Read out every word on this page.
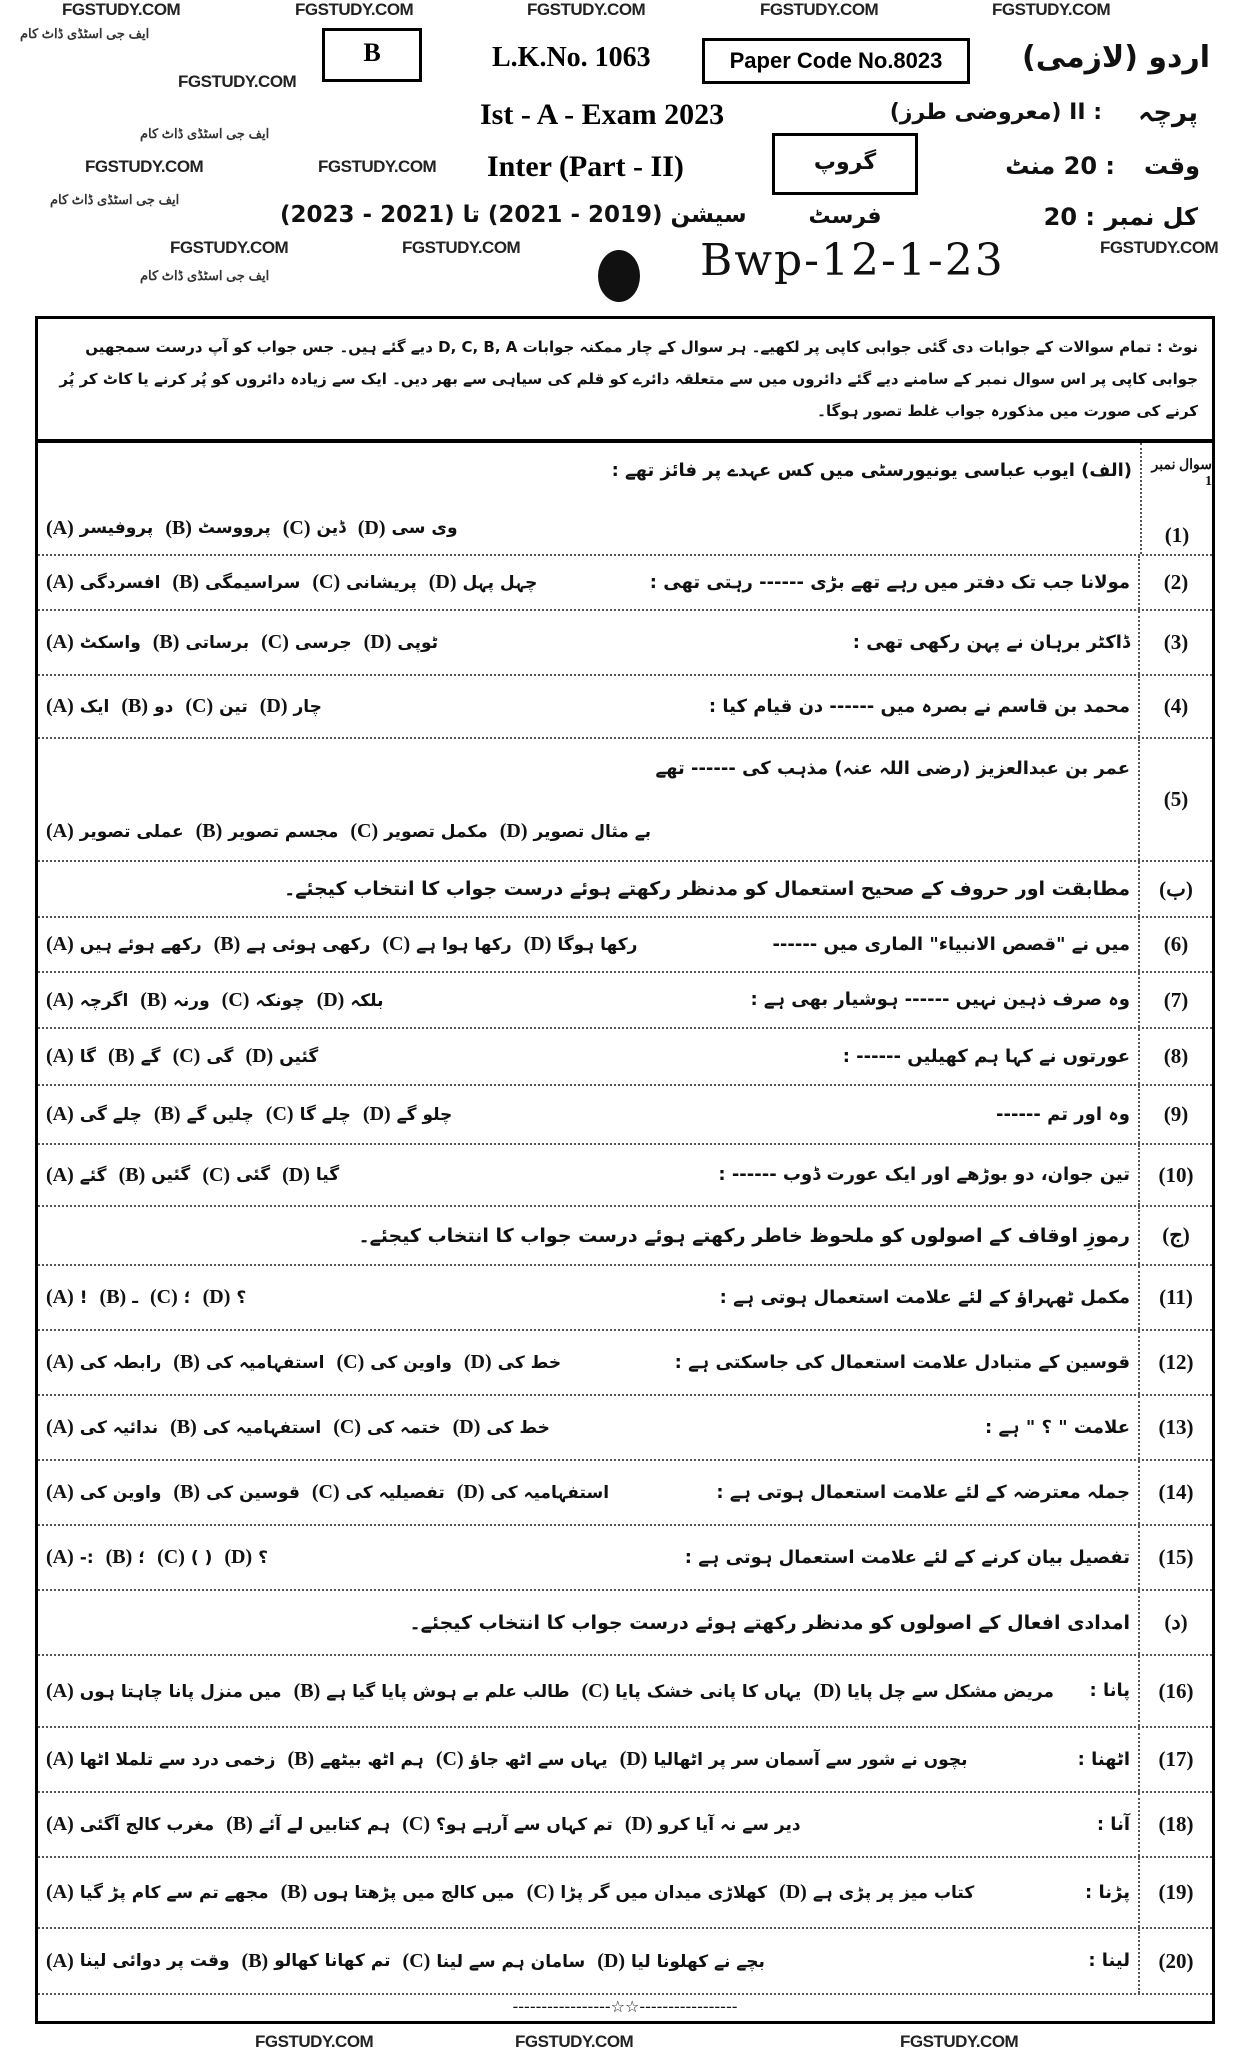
FGSTUDY.COM	FGSTUDY.COM	FGSTUDY.COM	FGSTUDY.COM	FGSTUDY.COM
ایف جی اسٹڈی ڈاٹ کام
ایف جی اسٹڈی ڈاٹ کام
ایف جی اسٹڈی ڈاٹ کام
ایف جی اسٹڈی ڈاٹ کام
FGSTUDY.COM
FGSTUDY.COM	FGSTUDY.COM
FGSTUDY.COM	FGSTUDY.COM	FGSTUDY.COM
B	L.K.No. 1063	Paper Code No.8023	اردو (لازمی)
پرچہ
: II (معروضی طرز)
Ist - A - Exam 2023
وقت
: 20 منٹ
Inter (Part - II)	گروپ فرسٹ	کل نمبر
: 20
سیشن (2019 - 2021) تا (2021 - 2023)
Bwp-12-1-23
نوٹ : تمام سوالات کے جوابات دی گئی جوابی کاپی پر لکھیے۔ ہر سوال کے چار ممکنہ جوابات D, C, B, A دیے گئے ہیں۔ جس جواب کو آپ درست سمجھیں جوابی کاپی پر اس سوال نمبر کے سامنے دیے گئے دائروں میں سے متعلقہ دائرے کو قلم کی سیاہی سے بھر دیں۔ ایک سے زیادہ دائروں کو پُر کرنے یا کاٹ کر پُر کرنے کی صورت میں مذکورہ جواب غلط تصور ہوگا۔
سوال نمبر 1
(1)
(الف) ایوب عباسی یونیورسٹی میں کس عہدے پر فائز تھے :
(A) پروفیسر (B) پرووسٹ (C) ڈین (D) وی سی
(2)
مولانا جب تک دفتر میں رہے تھے بڑی ------ رہتی تھی :
(A) افسردگی (B) سراسیمگی (C) پریشانی (D) چہل پہل
(3)
ڈاکٹر برہان نے پہن رکھی تھی :
(A) واسکٹ (B) برساتی (C) جرسی (D) ٹوپی
(4)
محمد بن قاسم نے بصرہ میں ------ دن قیام کیا :
(A) ایک (B) دو (C) تین (D) چار
(5)
عمر بن عبدالعزیز (رضی اللہ عنہ) مذہب کی ------ تھے
(A) عملی تصویر (B) مجسم تصویر (C) مکمل تصویر (D) بے مثال تصویر
(ب)
مطابقت اور حروف کے صحیح استعمال کو مدنظر رکھتے ہوئے درست جواب کا انتخاب کیجئے۔
(6)
میں نے "قصص الانبیاء" الماری میں ------
(A) رکھے ہوئے ہیں (B) رکھی ہوئی ہے (C) رکھا ہوا ہے (D) رکھا ہوگا
(7)
وہ صرف ذہین نہیں ------ ہوشیار بھی ہے :
(A) اگرچہ (B) ورنہ (C) چونکہ (D) بلکہ
(8)
عورتوں نے کہا ہم کھیلیں ------ :
(A) گا (B) گے (C) گی (D) گئیں
(9)
وہ اور تم ------
(A) چلے گی (B) چلیں گے (C) چلے گا (D) چلو گے
(10)
تین جوان، دو بوڑھے اور ایک عورت ڈوب ------ :
(A) گئے (B) گئیں (C) گئی (D) گیا
(ج)
رموزِ اوقاف کے اصولوں کو ملحوظ خاطر رکھتے ہوئے درست جواب کا انتخاب کیجئے۔
(11)
مکمل ٹھہراؤ کے لئے علامت استعمال ہوتی ہے :
(A) ! (B) ـ (C) ؛ (D) ؟
(12)
قوسین کے متبادل علامت استعمال کی جاسکتی ہے :
(A) رابطہ کی (B) استفہامیہ کی (C) واوین کی (D) خط کی
(13)
علامت " ؟ " ہے :
(A) ندائیہ کی (B) استفہامیہ کی (C) ختمہ کی (D) خط کی
(14)
جملہ معترضہ کے لئے علامت استعمال ہوتی ہے :
(A) واوین کی (B) قوسین کی (C) تفصیلیہ کی (D) استفہامیہ کی
(15)
تفصیل بیان کرنے کے لئے علامت استعمال ہوتی ہے :
(A) :- (B) ؛ (C) ( ) (D) ؟
(د)
امدادی افعال کے اصولوں کو مدنظر رکھتے ہوئے درست جواب کا انتخاب کیجئے۔
(16)
پانا :
(A) میں منزل پانا چاہتا ہوں (B) طالب علم بے ہوش پایا گیا ہے (C) یہاں کا پانی خشک پایا (D) مریض مشکل سے چل پایا
(17)
اٹھنا :
(A) زخمی درد سے تلملا اٹھا (B) ہم اٹھ بیٹھے (C) یہاں سے اٹھ جاؤ (D) بچوں نے شور سے آسمان سر پر اٹھالیا
(18)
آنا :
(A) مغرب کالج آگئی (B) ہم کتابیں لے آئے (C) تم کہاں سے آرہے ہو؟ (D) دیر سے نہ آیا کرو
(19)
پڑنا :
(A) مجھے تم سے کام پڑ گیا (B) میں کالج میں پڑھتا ہوں (C) کھلاڑی میدان میں گر پڑا (D) کتاب میز پر پڑی ہے
(20)
لینا :
(A) وقت پر دوائی لینا (B) تم کھانا کھالو (C) سامان ہم سے لینا (D) بچے نے کھلونا لیا
-----------------☆☆-----------------
FGSTUDY.COM	FGSTUDY.COM	FGSTUDY.COM
